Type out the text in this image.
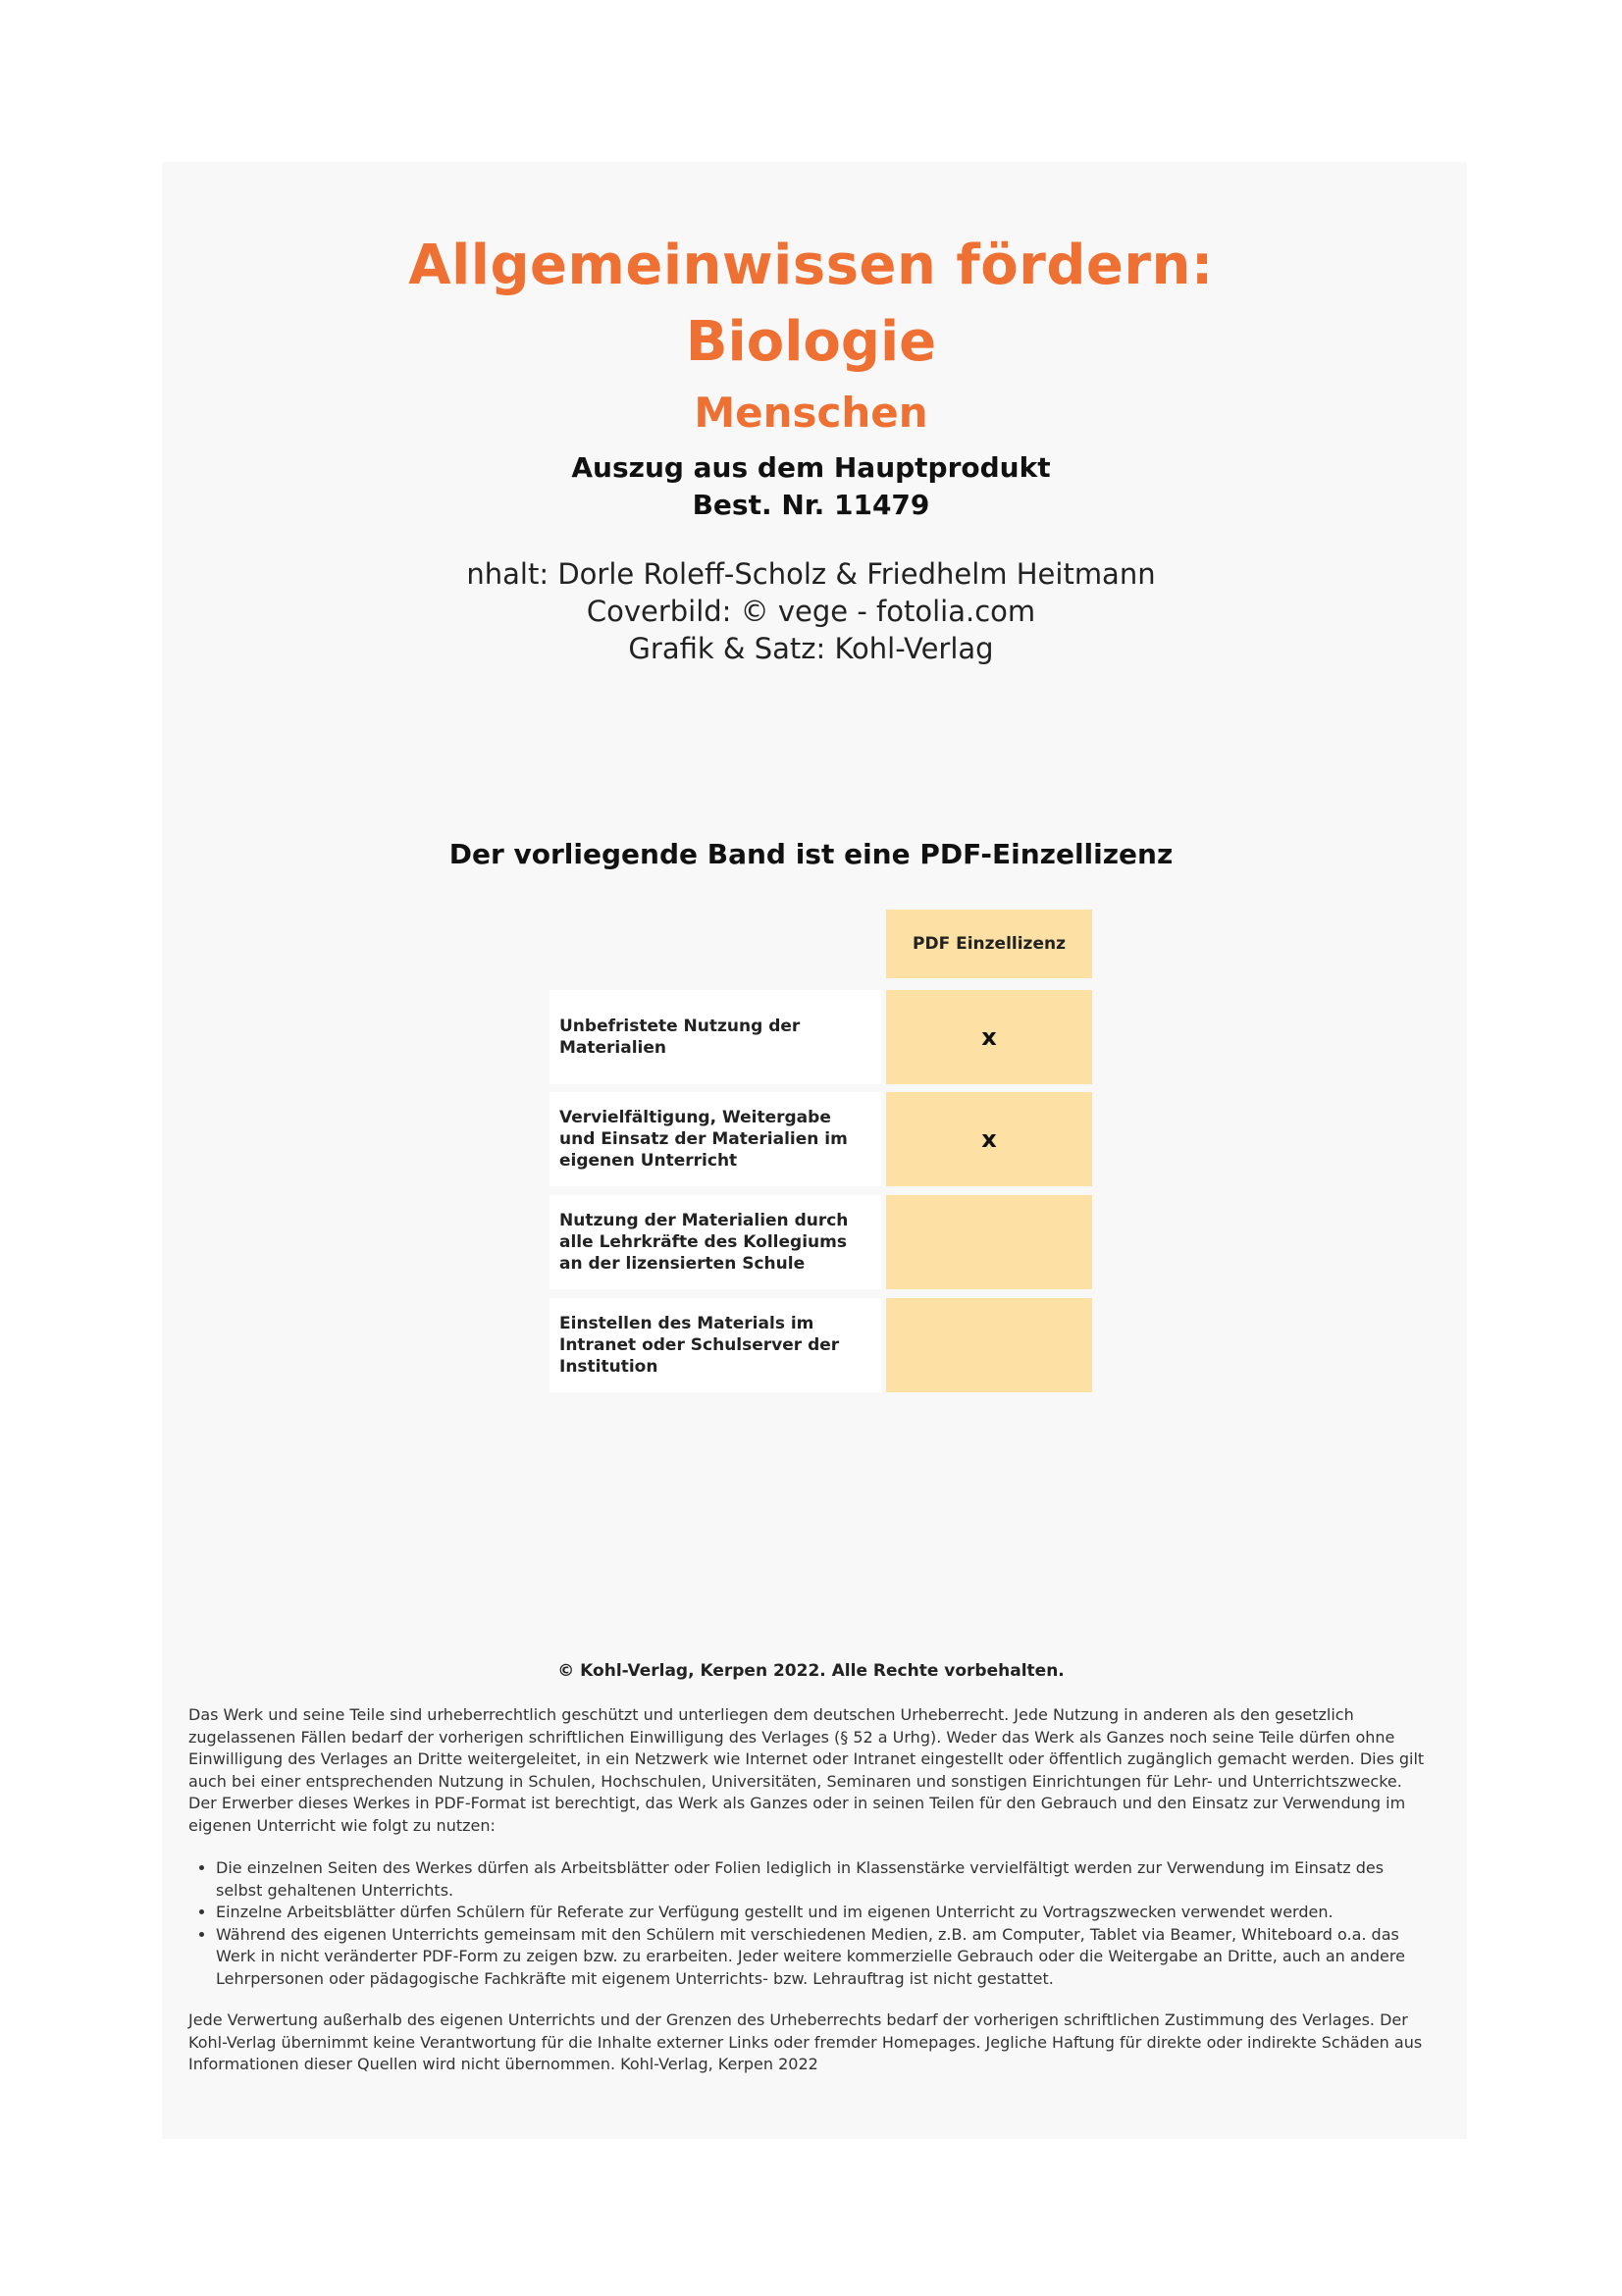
Allgemeinwissen fördern:
Biologie
Menschen
Auszug aus dem Hauptprodukt
Best. Nr. 11479
nhalt: Dorle Roleff-Scholz & Friedhelm Heitmann
Coverbild: © vege - fotolia.com
Grafik & Satz: Kohl-Verlag
Der vorliegende Band ist eine PDF-Einzellizenz
PDF Einzellizenz
Unbefristete Nutzung der Materialien	x
Vervielfältigung, Weitergabe und Einsatz der Materialien im eigenen Unterricht
x
Nutzung der Materialien durch alle Lehrkräfte des Kollegiums an der lizensierten Schule
Einstellen des Materials im Intranet oder Schulserver der Institution
© Kohl-Verlag, Kerpen 2022. Alle Rechte vorbehalten.

Das Werk und seine Teile sind urheberrechtlich geschützt und unterliegen dem deutschen Urheberrecht. Jede Nutzung in anderen als den gesetzlich zugelassenen Fällen bedarf der vorherigen schriftlichen Einwilligung des Verlages (§ 52 a Urhg). Weder das Werk als Ganzes noch seine Teile dürfen ohne Einwilligung des Verlages an Dritte weitergeleitet, in ein Netzwerk wie Internet oder Intranet eingestellt oder öffentlich zugänglich gemacht werden. Dies gilt auch bei einer entsprechenden Nutzung in Schulen, Hochschulen, Universitäten, Seminaren und sonstigen Einrichtungen für Lehr- und Unterrichtszwecke. Der Erwerber dieses Werkes in PDF-Format ist berechtigt, das Werk als Ganzes oder in seinen Teilen für den Gebrauch und den Einsatz zur Verwendung im eigenen Unterricht wie folgt zu nutzen:

• Die einzelnen Seiten des Werkes dürfen als Arbeitsblätter oder Folien lediglich in Klassenstärke vervielfältigt werden zur Verwendung im Einsatz des selbst gehaltenen Unterrichts.
• Einzelne Arbeitsblätter dürfen Schülern für Referate zur Verfügung gestellt und im eigenen Unterricht zu Vortragszwecken verwendet werden.
• Während des eigenen Unterrichts gemeinsam mit den Schülern mit verschiedenen Medien, z.B. am Computer, Tablet via Beamer, Whiteboard o.a. das Werk in nicht veränderter PDF-Form zu zeigen bzw. zu erarbeiten. Jeder weitere kommerzielle Gebrauch oder die Weitergabe an Dritte, auch an andere Lehrpersonen oder pädagogische Fachkräfte mit eigenem Unterrichts- bzw. Lehrauftrag ist nicht gestattet.

Jede Verwertung außerhalb des eigenen Unterrichts und der Grenzen des Urheberrechts bedarf der vorherigen schriftlichen Zustimmung des Verlages. Der Kohl-Verlag übernimmt keine Verantwortung für die Inhalte externer Links oder fremder Homepages. Jegliche Haftung für direkte oder indirekte Schäden aus Informationen dieser Quellen wird nicht übernommen. Kohl-Verlag, Kerpen 2022
